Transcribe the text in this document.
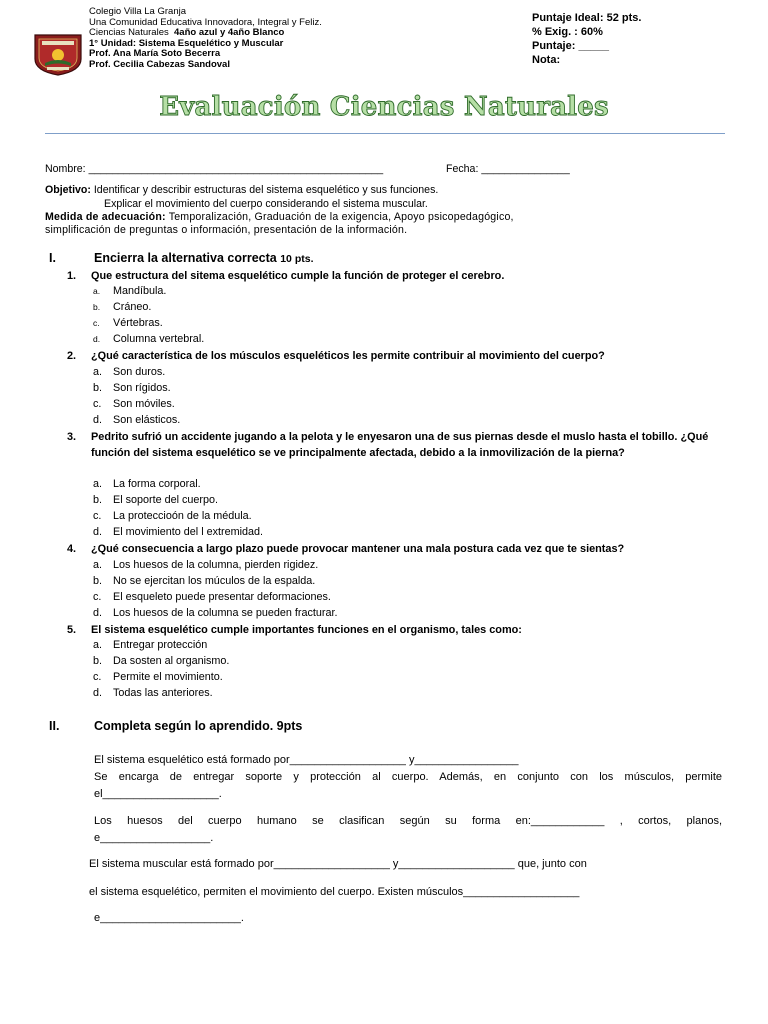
Colegio Villa La Granja
Una Comunidad Educativa Innovadora, Integral y Feliz.
Ciencias Naturales 4año azul y 4año Blanco
1° Unidad: Sistema Esquelético y Muscular
Prof. Ana María Soto Becerra
Prof. Cecilia Cabezas Sandoval
Puntaje Ideal: 52 pts.
% Exig. : 60%
Puntaje: _____
Nota:
Evaluación Ciencias Naturales
Nombre: __________________________________________________	Fecha: _______________
Objetivo: Identificar y describir estructuras del sistema esquelético y sus funciones.
Explicar el movimiento del cuerpo considerando el sistema muscular.
Medida de adecuación: Temporalización, Graduación de la exigencia, Apoyo psicopedagógico,
simplificación de preguntas o información, presentación de la información.
I.	Encierra la alternativa correcta 10 pts.
1. Que estructura del sitema esquelético cumple la función de proteger el cerebro.
a. Mandíbula.
b. Cráneo.
c. Vértebras.
d. Columna vertebral.
2. ¿Qué característica de los músculos esqueléticos les permite contribuir al movimiento del cuerpo?
a. Son duros.
b. Son rígidos.
c. Son móviles.
d. Son elásticos.
3. Pedrito sufrió un accidente jugando a la pelota y le enyesaron una de sus piernas desde el muslo hasta el tobillo. ¿Qué función del sistema esquelético se ve principalmente afectada, debido a la inmovilización de la pierna?
a. La forma corporal.
b. El soporte del cuerpo.
c. La proteccioón de la médula.
d. El movimiento del l extremidad.
4. ¿Qué consecuencia a largo plazo puede provocar mantener una mala postura cada vez que te sientas?
a. Los huesos de la columna, pierden rigidez.
b. No se ejercitan los múculos de la espalda.
c. El esqueleto puede presentar deformaciones.
d. Los huesos de la columna se pueden fracturar.
5. El sistema esquelético cumple importantes funciones en el organismo, tales como:
a. Entregar protección
b. Da sosten al organismo.
c. Permite el movimiento.
d. Todas las anteriores.
II.	Completa según lo aprendido. 9pts
El sistema esquelético está formado por___________________ y_________________
Se encarga de entregar soporte y protección al cuerpo. Además, en conjunto con los músculos, permite
el___________________.
Los huesos del cuerpo humano se clasifican según su forma en:____________ , cortos, planos,
e__________________.
El sistema muscular está formado por___________________ y___________________ que, junto con
el sistema esquelético, permiten el movimiento del cuerpo. Existen músculos___________________
e_______________________.
